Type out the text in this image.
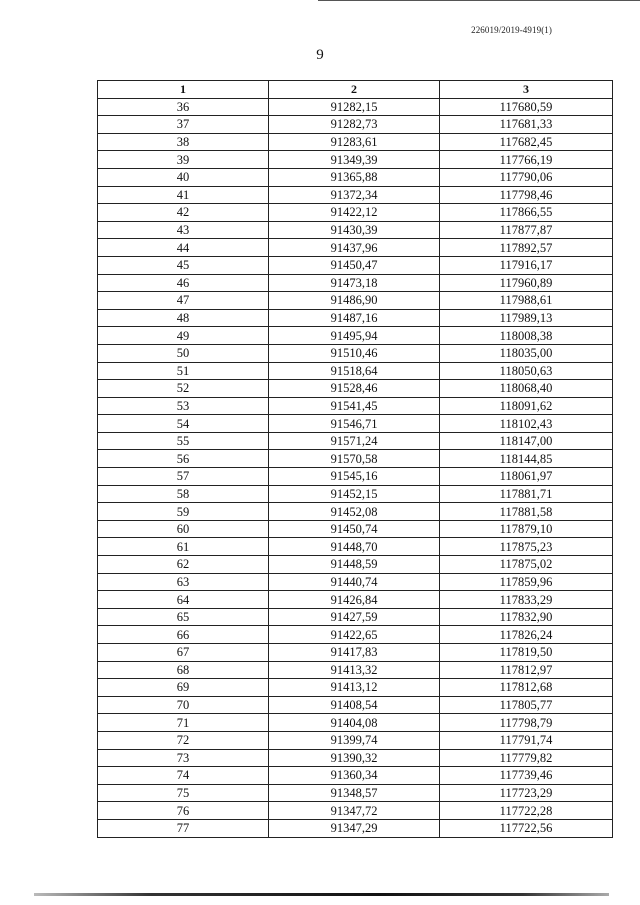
226019/2019-4919(1)
9
1	2	3
36	91282,15	117680,59
37	91282,73	117681,33
38	91283,61	117682,45
39	91349,39	117766,19
40	91365,88	117790,06
41	91372,34	117798,46
42	91422,12	117866,55
43	91430,39	117877,87
44	91437,96	117892,57
45	91450,47	117916,17
46	91473,18	117960,89
47	91486,90	117988,61
48	91487,16	117989,13
49	91495,94	118008,38
50	91510,46	118035,00
51	91518,64	118050,63
52	91528,46	118068,40
53	91541,45	118091,62
54	91546,71	118102,43
55	91571,24	118147,00
56	91570,58	118144,85
57	91545,16	118061,97
58	91452,15	117881,71
59	91452,08	117881,58
60	91450,74	117879,10
61	91448,70	117875,23
62	91448,59	117875,02
63	91440,74	117859,96
64	91426,84	117833,29
65	91427,59	117832,90
66	91422,65	117826,24
67	91417,83	117819,50
68	91413,32	117812,97
69	91413,12	117812,68
70	91408,54	117805,77
71	91404,08	117798,79
72	91399,74	117791,74
73	91390,32	117779,82
74	91360,34	117739,46
75	91348,57	117723,29
76	91347,72	117722,28
77	91347,29	117722,56
